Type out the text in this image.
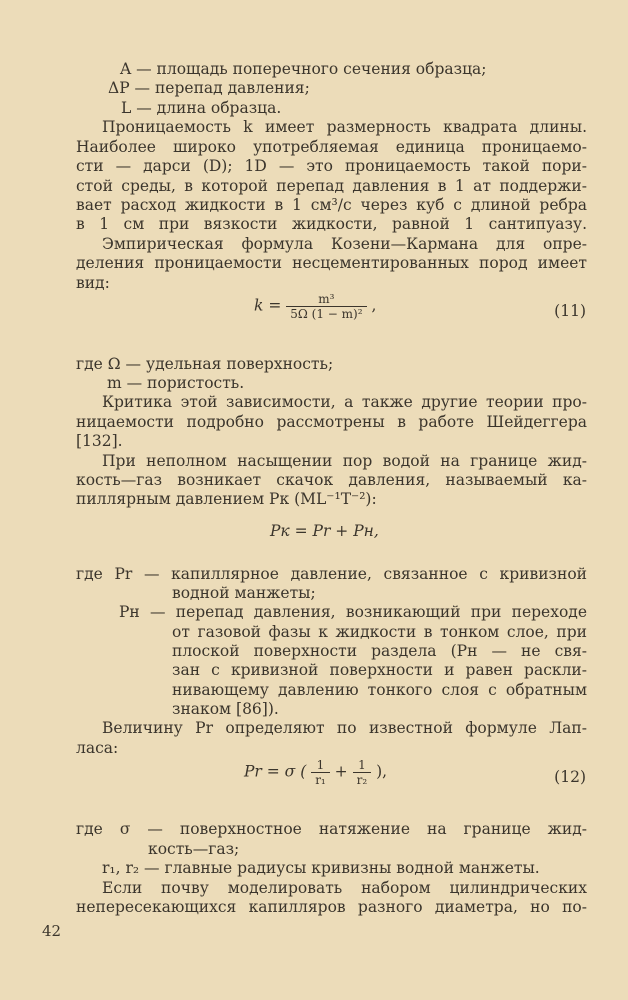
A — площадь поперечного сечения образца;
ΔP — перепад давления;
L — длина образца.
Проницаемость k имеет размерность квадрата длины.
Наиболее широко употребляемая единица проницаемо-
сти — дарси (D); 1D — это проницаемость такой пори-
стой среды, в которой перепад давления в 1 ат поддержи-
вает расход жидкости в 1 см³/с через куб с длиной ребра
в 1 см при вязкости жидкости, равной 1 сантипуазу.
Эмпирическая формула Козени—Кармана для опре-
деления проницаемости несцементированных пород имеет
вид:
$k = \frac{\text{m³}}{\text{5Ω (1 − m)²}}$ ,	(11)
где Ω — удельная поверхность;
m — пористость.
Критика этой зависимости, а также другие теории про-
ницаемости подробно рассмотрены в работе Шейдеггера
[132].
При неполном насыщении пор водой на границе жид-
кость—газ возникает скачок давления, называемый ка-
пиллярным давлением Pк (ML⁻¹T⁻²):
Pк = Pr + Pн,
где Pr — капиллярное давление, связанное с кривизной
водной манжеты;
Pн — перепад давления, возникающий при переходе
от газовой фазы к жидкости в тонком слое, при
плоской поверхности раздела (Pн — не свя-
зан с кривизной поверхности и равен раскли-
нивающему давлению тонкого слоя с обратным
знаком [86]).
Величину Pr определяют по известной формуле Лап-
ласа:
Pr = σ ( $\frac{1}{\text{r₁}} + \frac{1}{\text{r₂}}$ ),	(12)
где σ — поверхностное натяжение на границе жид-
кость—газ;
r₁, r₂ — главные радиусы кривизны водной манжеты.
Если почву моделировать набором цилиндрических
непересекающихся капилляров разного диаметра, но по-
42
